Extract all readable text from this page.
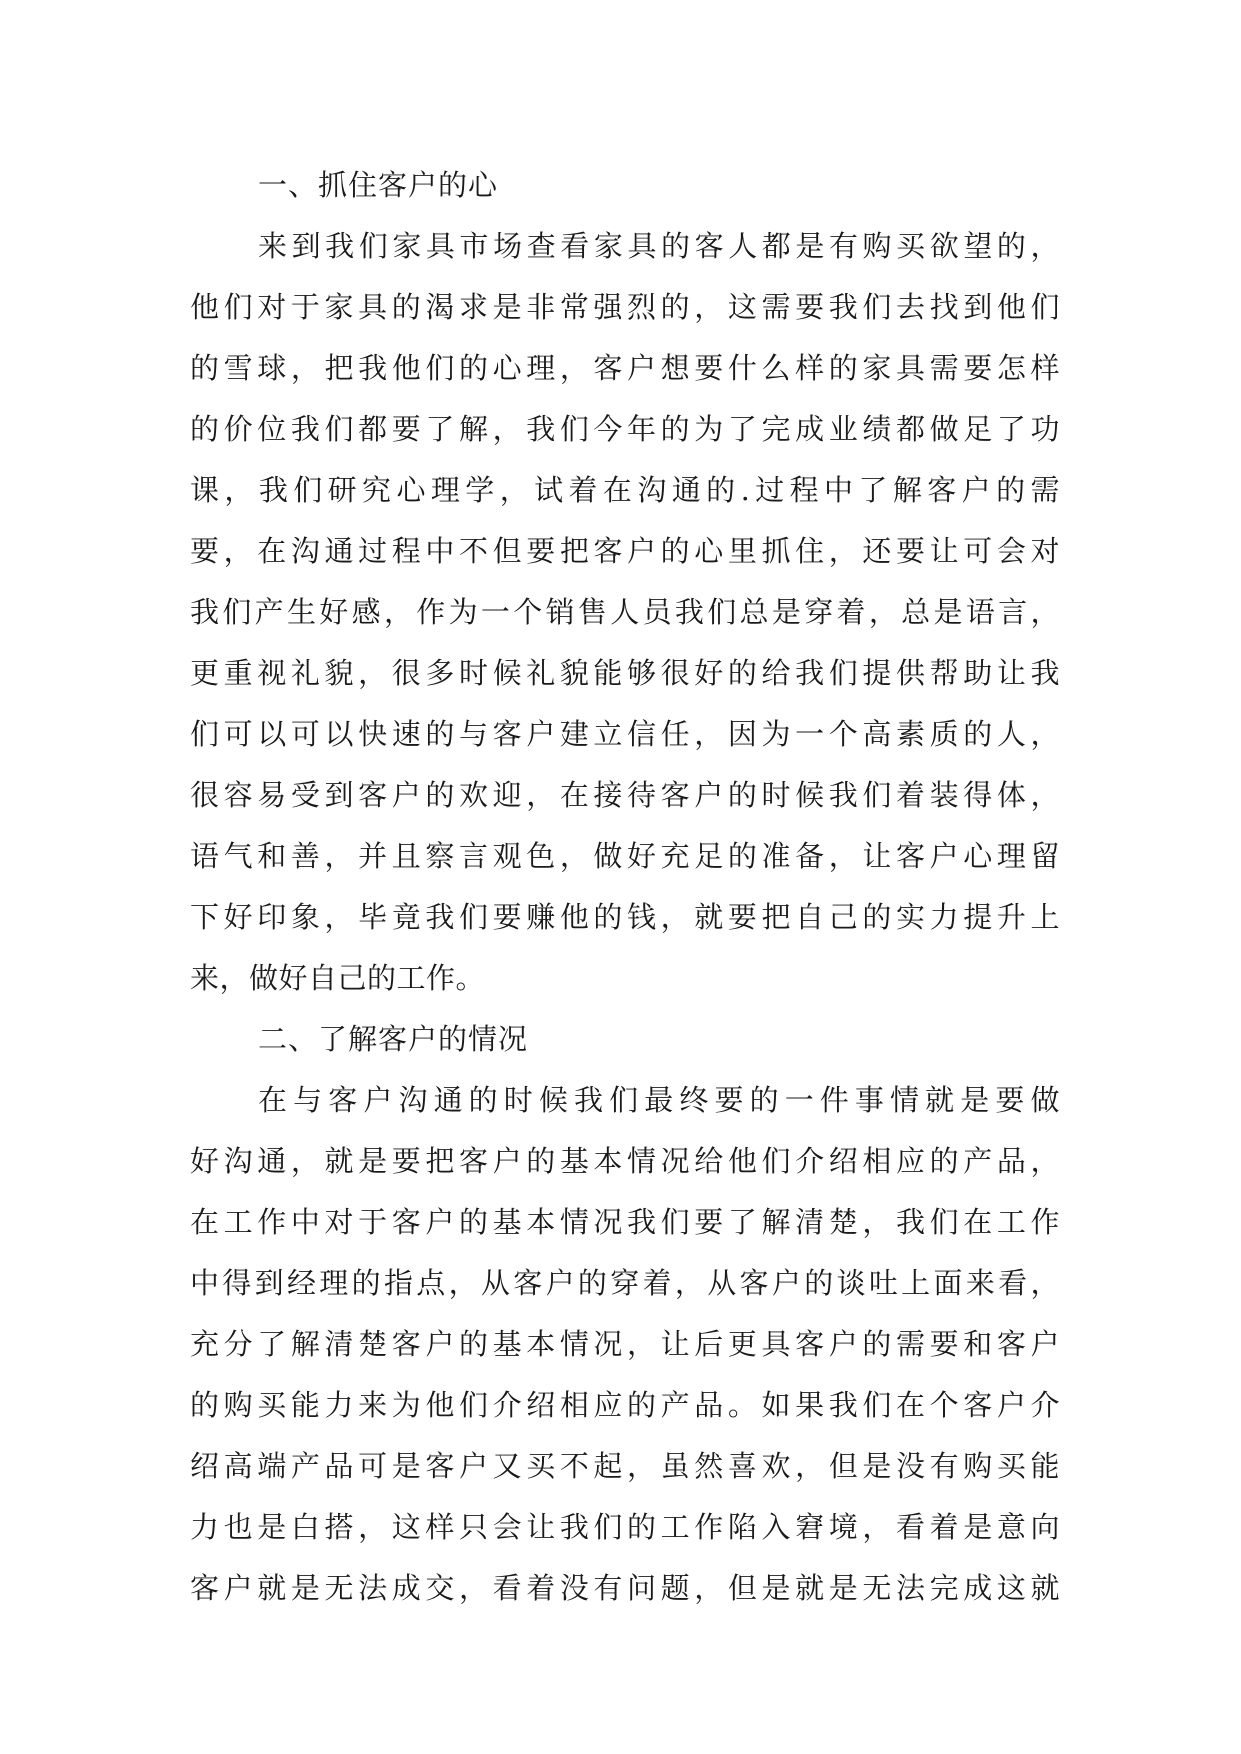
一、抓住客户的心
来到我们家具市场查看家具的客人都是有购买欲望的，
他们对于家具的渴求是非常强烈的，这需要我们去找到他们
的雪球，把我他们的心理，客户想要什么样的家具需要怎样
的价位我们都要了解，我们今年的为了完成业绩都做足了功
课，我们研究心理学，试着在沟通的.过程中了解客户的需
要，在沟通过程中不但要把客户的心里抓住，还要让可会对
我们产生好感，作为一个销售人员我们总是穿着，总是语言，
更重视礼貌，很多时候礼貌能够很好的给我们提供帮助让我
们可以可以快速的与客户建立信任，因为一个高素质的人，
很容易受到客户的欢迎，在接待客户的时候我们着装得体，
语气和善，并且察言观色，做好充足的准备，让客户心理留
下好印象，毕竟我们要赚他的钱，就要把自己的实力提升上
来，做好自己的工作。
二、了解客户的情况
在与客户沟通的时候我们最终要的一件事情就是要做
好沟通，就是要把客户的基本情况给他们介绍相应的产品，
在工作中对于客户的基本情况我们要了解清楚，我们在工作
中得到经理的指点，从客户的穿着，从客户的谈吐上面来看，
充分了解清楚客户的基本情况，让后更具客户的需要和客户
的购买能力来为他们介绍相应的产品。如果我们在个客户介
绍高端产品可是客户又买不起，虽然喜欢，但是没有购买能
力也是白搭，这样只会让我们的工作陷入窘境，看着是意向
客户就是无法成交，看着没有问题，但是就是无法完成这就
